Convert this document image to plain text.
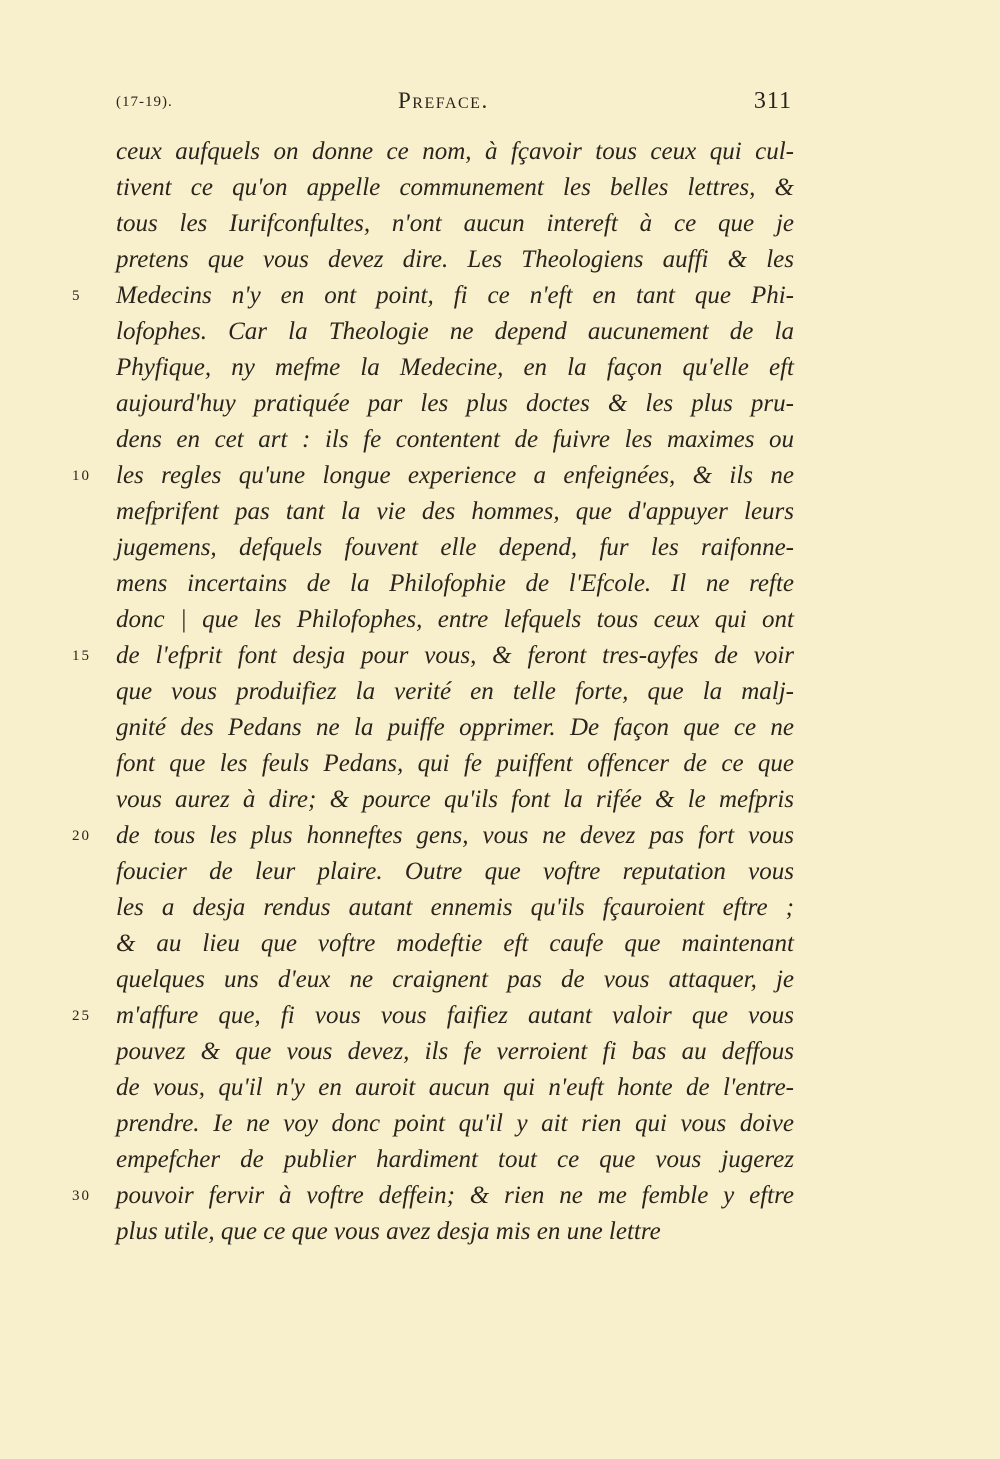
(17-19).	Preface.	311
ceux aufquels on donne ce nom, à fçavoir tous ceux qui cul-
tivent ce qu'on appelle communement les belles lettres, &
tous les Iurifconfultes, n'ont aucun intereft à ce que je
pretens que vous devez dire. Les Theologiens auffi & les
5	Medecins n'y en ont point, fi ce n'eft en tant que Phi-
lofophes. Car la Theologie ne depend aucunement de la
Phyfique, ny mefme la Medecine, en la façon qu'elle eft
aujourd'huy pratiquée par les plus doctes & les plus pru-
dens en cet art : ils fe contentent de fuivre les maximes ou
10	les regles qu'une longue experience a enfeignées, & ils ne
mefprifent pas tant la vie des hommes, que d'appuyer leurs
jugemens, defquels fouvent elle depend, fur les raifonne-
mens incertains de la Philofophie de l'Efcole. Il ne refte
donc | que les Philofophes, entre lefquels tous ceux qui ont
15	de l'efprit font desja pour vous, & feront tres-ayfes de voir
que vous produifiez la verité en telle forte, que la malj-
gnité des Pedans ne la puiffe opprimer. De façon que ce ne
font que les feuls Pedans, qui fe puiffent offencer de ce que
vous aurez à dire; & pource qu'ils font la rifée & le mefpris
20	de tous les plus honneftes gens, vous ne devez pas fort vous
foucier de leur plaire. Outre que voftre reputation vous
les a desja rendus autant ennemis qu'ils fçauroient eftre ;
& au lieu que voftre modeftie eft caufe que maintenant
quelques uns d'eux ne craignent pas de vous attaquer, je
25	m'affure que, fi vous vous faifiez autant valoir que vous
pouvez & que vous devez, ils fe verroient fi bas au deffous
de vous, qu'il n'y en auroit aucun qui n'euft honte de l'entre-
prendre. Ie ne voy donc point qu'il y ait rien qui vous doive
empefcher de publier hardiment tout ce que vous jugerez
30	pouvoir fervir à voftre deffein; & rien ne me femble y eftre
plus utile, que ce que vous avez desja mis en une lettre
